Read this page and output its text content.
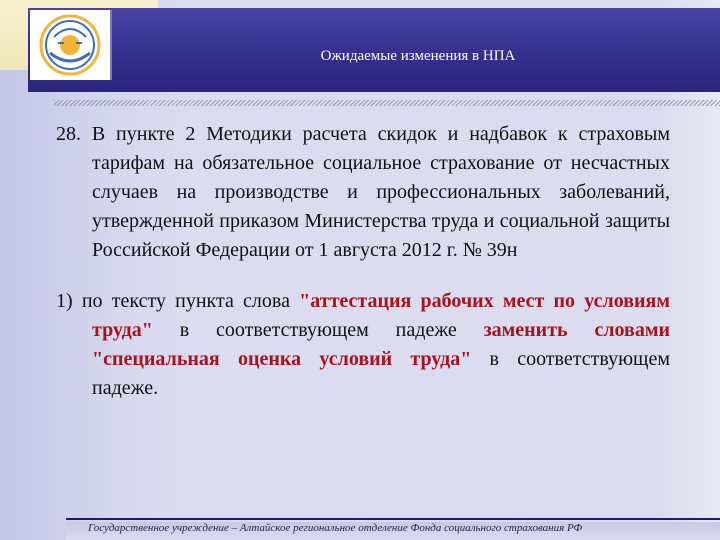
Ожидаемые изменения в НПА

28. В пункте 2 Методики расчета скидок и надбавок к страховым тарифам на обязательное социальное страхование от несчастных случаев на производстве и профессиональных заболеваний, утвержденной приказом Министерства труда и социальной защиты Российской Федерации от 1 августа 2012 г. № 39н

1) по тексту пункта слова "аттестация рабочих мест по условиям труда" в соответствующем падеже заменить словами "специальная оценка условий труда" в соответствующем падеже.

Государственное учреждение – Алтайское региональное отделение Фонда социального страхования РФ
